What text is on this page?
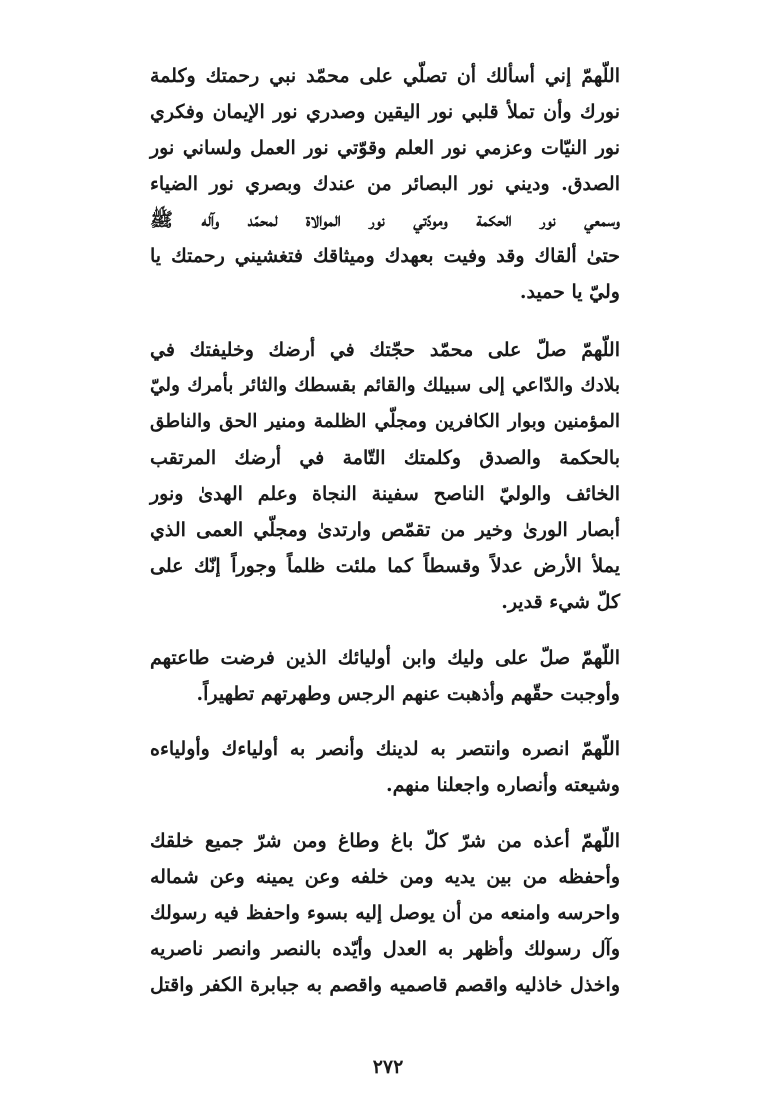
اللّهمّ إني أسألك أن تصلّي على محمّد نبي رحمتك وكلمة
نورك وأن تملأ قلبي نور اليقين وصدري نور الإيمان وفكري
نور النيّات وعزمي نور العلم وقوّتي نور العمل ولساني نور
الصدق. وديني نور البصائر من عندك وبصري نور الضياء
وسمعي نور الحكمة ومودّتي نور الموالاة لمحمّد وآله ﷺ
حتىٰ ألقاك وقد وفيت بعهدك وميثاقك فتغشيني رحمتك يا
وليّ يا حميد.
اللّهمّ صلّ على محمّد حجّتك في أرضك وخليفتك في
بلادك والدّاعي إلى سبيلك والقائم بقسطك والثائر بأمرك وليّ
المؤمنين وبوار الكافرين ومجلّي الظلمة ومنير الحق والناطق
بالحكمة والصدق وكلمتك التّامة في أرضك المرتقب
الخائف والوليّ الناصح سفينة النجاة وعلم الهدىٰ ونور
أبصار الورىٰ وخير من تقمّص وارتدىٰ ومجلّي العمى الذي
يملأ الأرض عدلاً وقسطاً كما ملئت ظلماً وجوراً إنّك على
كلّ شيء قدير.
اللّهمّ صلّ على وليك وابن أوليائك الذين فرضت طاعتهم
وأوجبت حقّهم وأذهبت عنهم الرجس وطهرتهم تطهيراً.
اللّهمّ انصره وانتصر به لدينك وأنصر به أولياءك وأولياءه
وشيعته وأنصاره واجعلنا منهم.
اللّهمّ أعذه من شرّ كلّ باغ وطاغ ومن شرّ جميع خلقك
وأحفظه من بين يديه ومن خلفه وعن يمينه وعن شماله
واحرسه وامنعه من أن يوصل إليه بسوء واحفظ فيه رسولك
وآل رسولك وأظهر به العدل وأيّده بالنصر وانصر ناصريه
واخذل خاذليه واقصم قاصميه واقصم به جبابرة الكفر واقتل
٢٧٢
